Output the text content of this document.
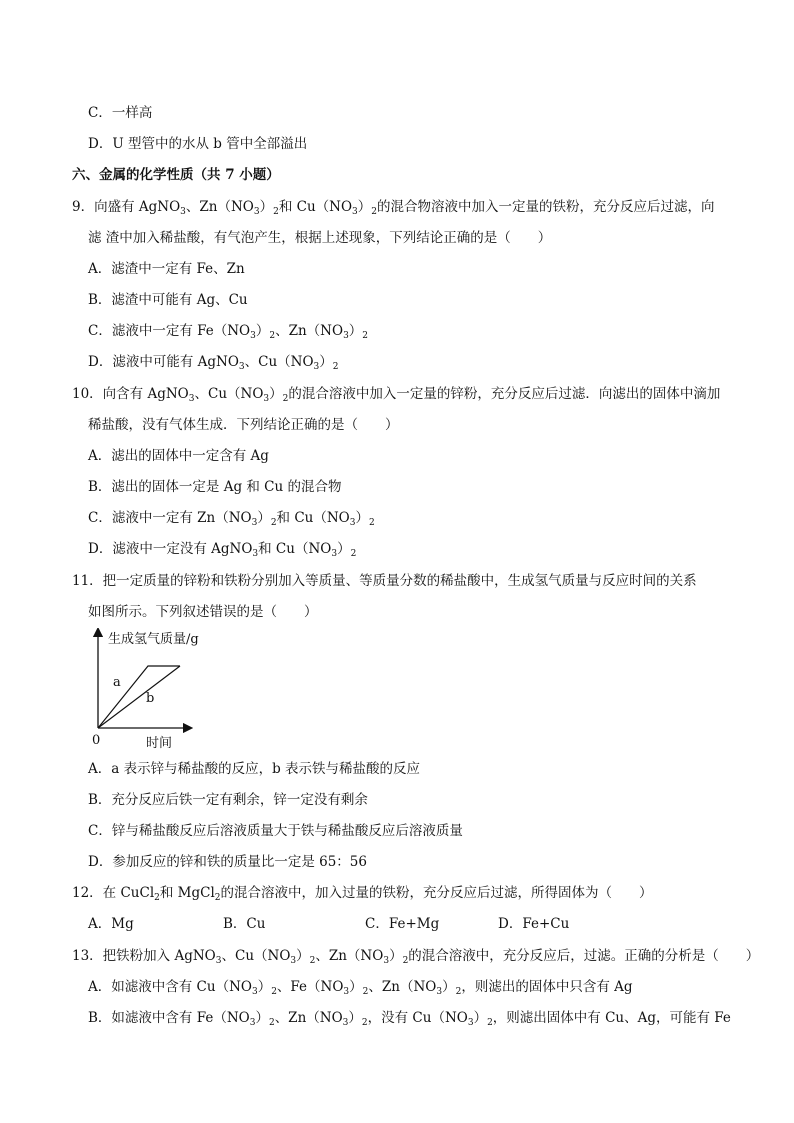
C．一样高
D．U 型管中的水从 b 管中全部溢出
六、金属的化学性质（共 7 小题）
9．向盛有 AgNO$_3$、$Zn(NO_3)_2$和 $Cu(NO_3)_2$的混合物溶液中加入一定量的铁粉，充分反应后过滤，向
滤 渣中加入稀盐酸，有气泡产生，根据上述现象，下列结论正确的是（　　）
A．滤渣中一定有 Fe、Zn
B．滤渣中可能有 Ag、Cu
C．滤液中一定有 $Fe(NO_3)_2$、$Zn(NO_3)_2$
D．滤液中可能有 AgNO$_3$、$Cu(NO_3)_2$
10．向含有 AgNO$_3$、$Cu(NO_3)_2$的混合溶液中加入一定量的锌粉，充分反应后过滤．向滤出的固体中滴加
稀盐酸，没有气体生成．下列结论正确的是（　　）
A．滤出的固体中一定含有 Ag
B．滤出的固体一定是 Ag 和 Cu 的混合物
C．滤液中一定有 $Zn(NO_3)_2$和 $Cu(NO_3)_2$
D．滤液中一定没有 AgNO$_3$和 $Cu(NO_3)_2$
11．把一定质量的锌粉和铁粉分别加入等质量、等质量分数的稀盐酸中，生成氢气质量与反应时间的关系
如图所示。下列叙述错误的是（　　）
生成氢气质量/g
a
b
0	时间
A．a 表示锌与稀盐酸的反应，b 表示铁与稀盐酸的反应
B．充分反应后铁一定有剩余，锌一定没有剩余
C．锌与稀盐酸反应后溶液质量大于铁与稀盐酸反应后溶液质量
D．参加反应的锌和铁的质量比一定是 65：56
12．在 CuCl$_2$和 MgCl$_2$的混合溶液中，加入过量的铁粉，充分反应后过滤，所得固体为（　　）
A．Mg	B．Cu	C．Fe+Mg	D．Fe+Cu
13．把铁粉加入 AgNO$_3$、$Cu(NO_3)_2$、$Zn(NO_3)_2$的混合溶液中，充分反应后，过滤。正确的分析是（　　）
A．如滤液中含有 $Cu(NO_3)_2$、$Fe(NO_3)_2$、$Zn(NO_3)_2$，则滤出的固体中只含有 Ag
B．如滤液中含有 $Fe(NO_3)_2$、$Zn(NO_3)_2$，没有 $Cu(NO_3)_2$，则滤出固体中有 Cu、Ag，可能有 Fe
